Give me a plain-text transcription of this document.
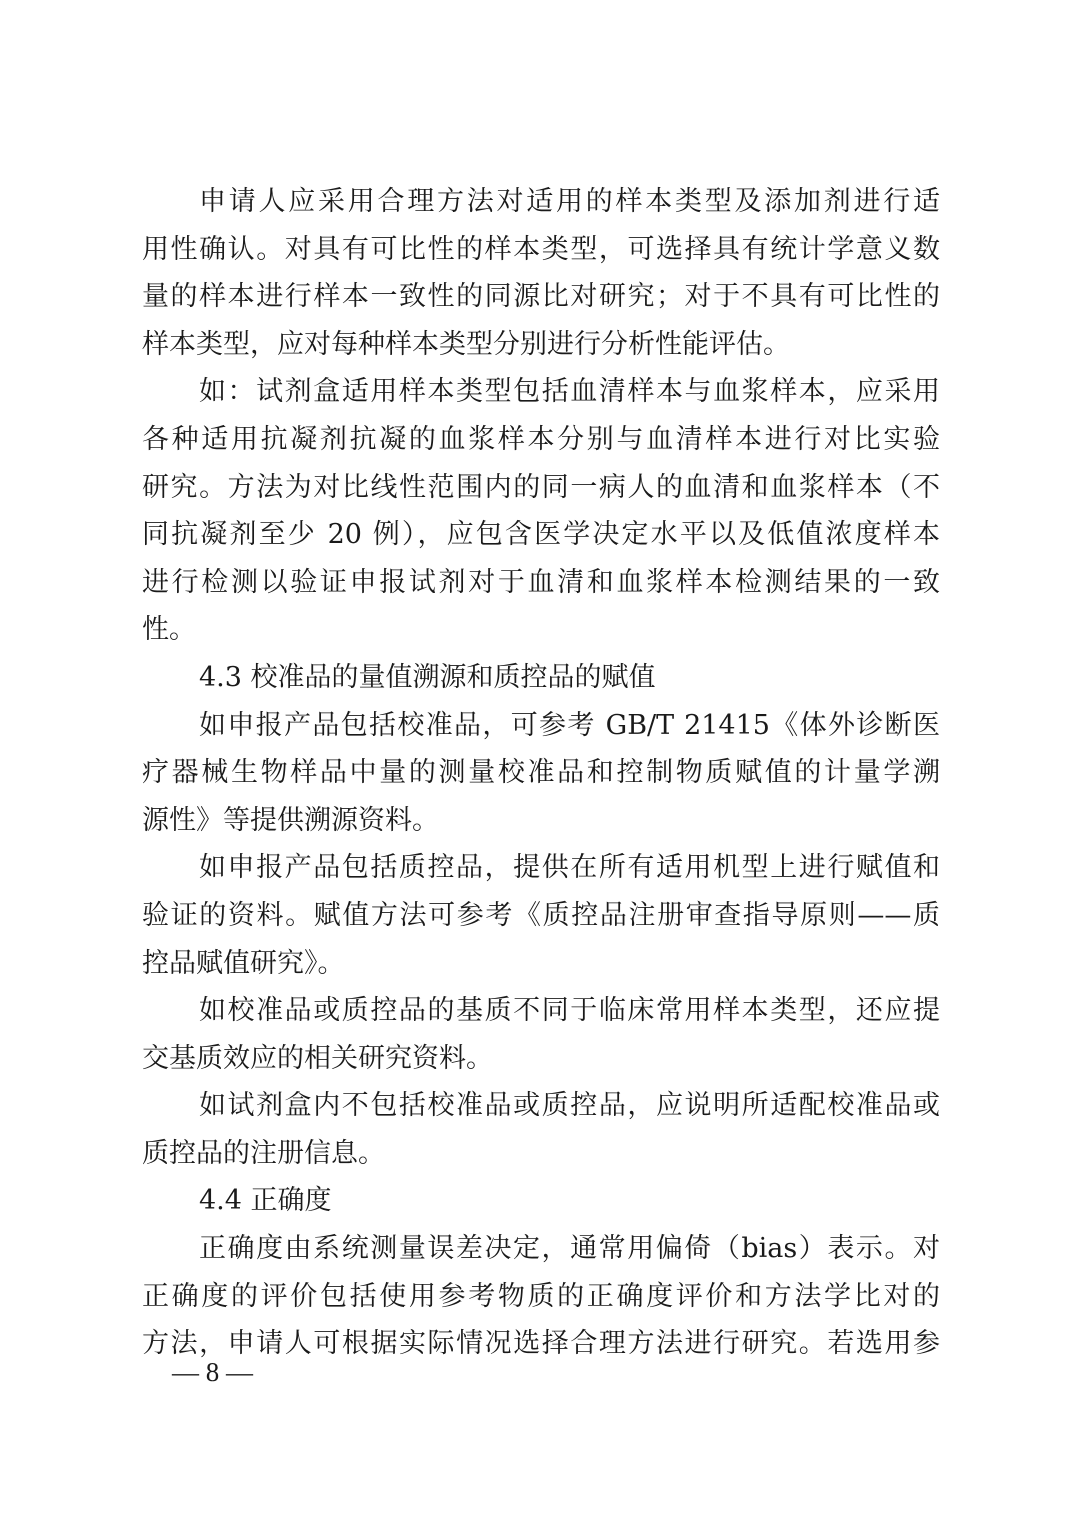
申请人应采用合理方法对适用的样本类型及添加剂进行适
用性确认。对具有可比性的样本类型，可选择具有统计学意义数
量的样本进行样本一致性的同源比对研究；对于不具有可比性的
样本类型，应对每种样本类型分别进行分析性能评估。
如：试剂盒适用样本类型包括血清样本与血浆样本，应采用
各种适用抗凝剂抗凝的血浆样本分别与血清样本进行对比实验
研究。方法为对比线性范围内的同一病人的血清和血浆样本（不
同抗凝剂至少 20 例），应包含医学决定水平以及低值浓度样本
进行检测以验证申报试剂对于血清和血浆样本检测结果的一致
性。
4.3 校准品的量值溯源和质控品的赋值
如申报产品包括校准品，可参考 GB/T 21415《体外诊断医
疗器械生物样品中量的测量校准品和控制物质赋值的计量学溯
源性》等提供溯源资料。
如申报产品包括质控品，提供在所有适用机型上进行赋值和
验证的资料。赋值方法可参考《质控品注册审查指导原则——质
控品赋值研究》。
如校准品或质控品的基质不同于临床常用样本类型，还应提
交基质效应的相关研究资料。
如试剂盒内不包括校准品或质控品，应说明所适配校准品或
质控品的注册信息。
4.4 正确度
正确度由系统测量误差决定，通常用偏倚（bias）表示。对
正确度的评价包括使用参考物质的正确度评价和方法学比对的
方法，申请人可根据实际情况选择合理方法进行研究。若选用参
— 8 —
